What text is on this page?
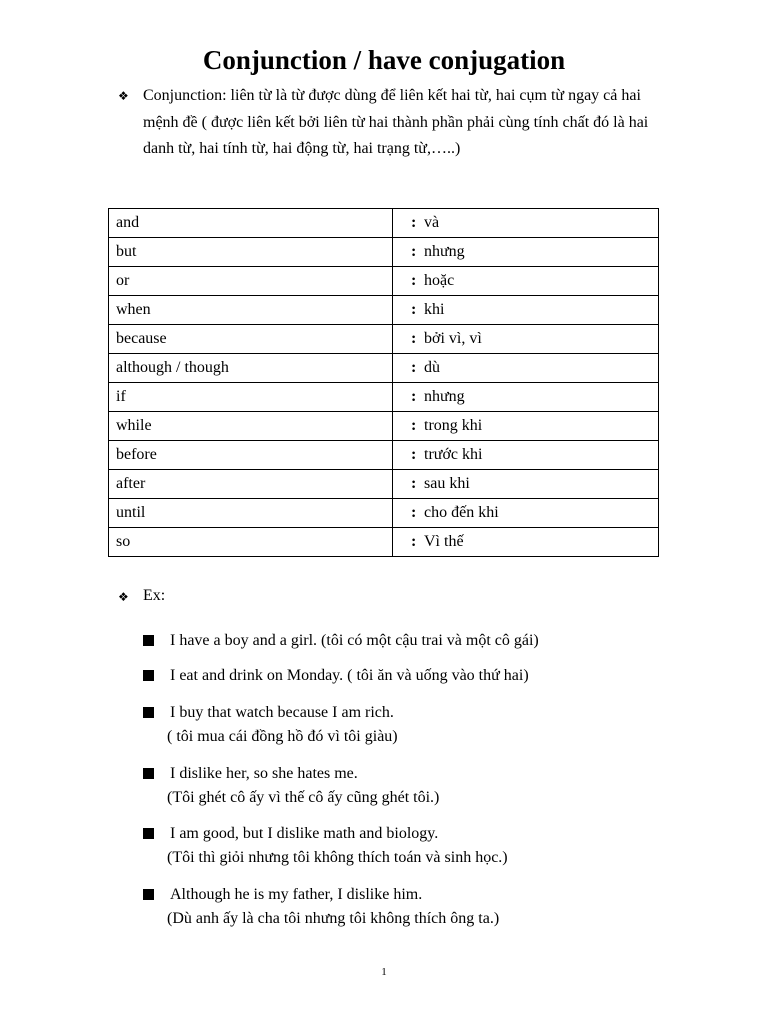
Conjunction / have conjugation
❖ Conjunction: liên từ là từ được dùng để liên kết hai từ, hai cụm từ ngay cả hai mệnh đề ( được liên kết bởi liên từ hai thành phần phải cùng tính chất đó là hai danh từ, hai tính từ, hai động từ, hai trạng từ,…..)
and	: và
but	: nhưng
or	: hoặc
when	: khi
because	: bởi vì, vì
although / though	: dù
if	: nhưng
while	: trong khi
before	: trước khi
after	: sau khi
until	: cho đến khi
so	: Vì thế
❖ Ex:
I have a boy and a girl. (tôi có một cậu trai và một cô gái)
I eat and drink on Monday. ( tôi ăn và uống vào thứ hai)
I buy that watch because I am rich.
( tôi mua cái đồng hồ đó vì tôi giàu)
I dislike her, so she hates me.
(Tôi ghét cô ấy vì thế cô ấy cũng ghét tôi.)
I am good, but I dislike math and biology.
(Tôi thì giỏi nhưng tôi không thích toán và sinh học.)
Although he is my father, I dislike him.
(Dù anh ấy là cha tôi nhưng tôi không thích ông ta.)
1
